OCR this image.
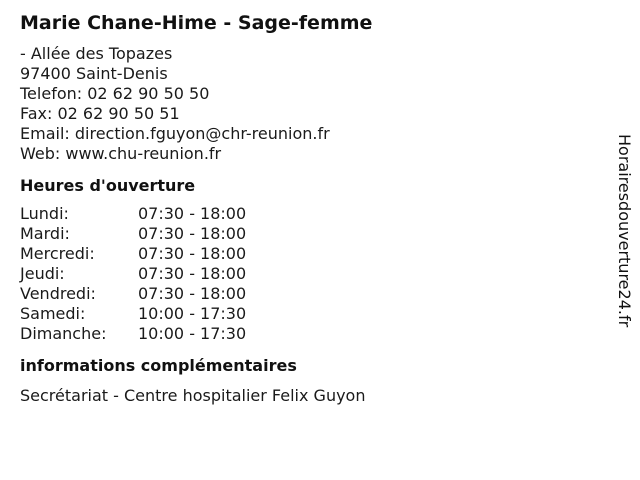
Marie Chane-Hime - Sage-femme
- Allée des Topazes
97400 Saint-Denis
Telefon: 02 62 90 50 50
Fax: 02 62 90 50 51
Email: direction.fguyon@chr-reunion.fr
Web: www.chu-reunion.fr
Heures d'ouverture
Lundi:	07:30 - 18:00
Mardi:	07:30 - 18:00
Mercredi:	07:30 - 18:00
Jeudi:	07:30 - 18:00
Vendredi:	07:30 - 18:00
Samedi:	10:00 - 17:30
Dimanche:	10:00 - 17:30
informations complémentaires
Secrétariat - Centre hospitalier Felix Guyon
Horairesdouverture24.fr
